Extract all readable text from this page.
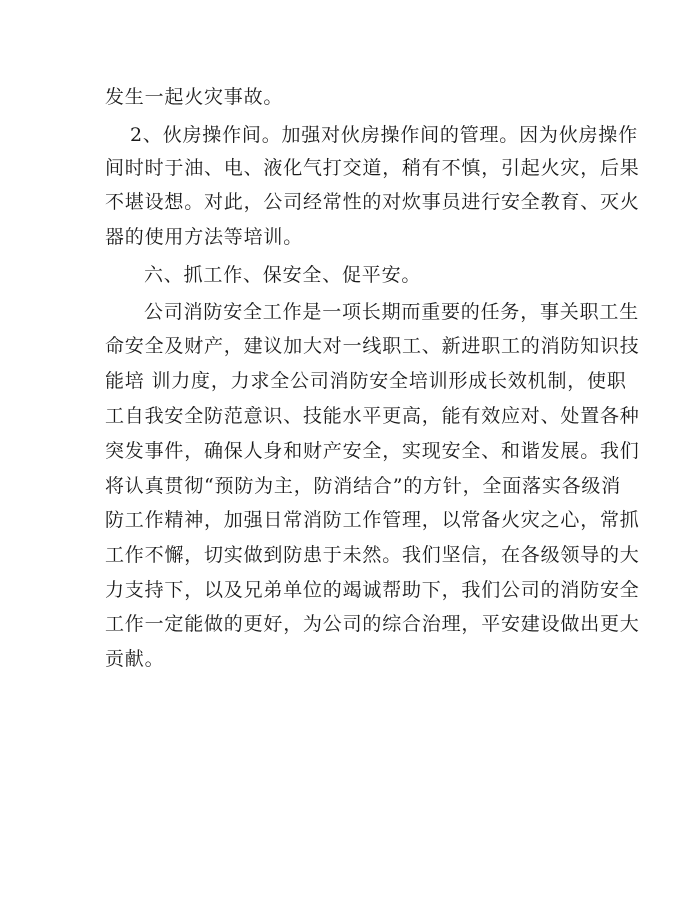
发生一起火灾事故。
2、伙房操作间。加强对伙房操作间的管理。因为伙房操作
间时时于油、电、液化气打交道，稍有不慎，引起火灾，后果
不堪设想。对此，公司经常性的对炊事员进行安全教育、灭火
器的使用方法等培训。
六、抓工作、保安全、促平安。
公司消防安全工作是一项长期而重要的任务，事关职工生
命安全及财产，建议加大对一线职工、新进职工的消防知识技
能培 训力度，力求全公司消防安全培训形成长效机制，使职
工自我安全防范意识、技能水平更高，能有效应对、处置各种
突发事件，确保人身和财产安全，实现安全、和谐发展。我们
将认真贯彻“预防为主，防消结合”的方针，全面落实各级消
防工作精神，加强日常消防工作管理，以常备火灾之心，常抓
工作不懈，切实做到防患于未然。我们坚信，在各级领导的大
力支持下，以及兄弟单位的竭诚帮助下，我们公司的消防安全
工作一定能做的更好，为公司的综合治理，平安建设做出更大
贡献。
